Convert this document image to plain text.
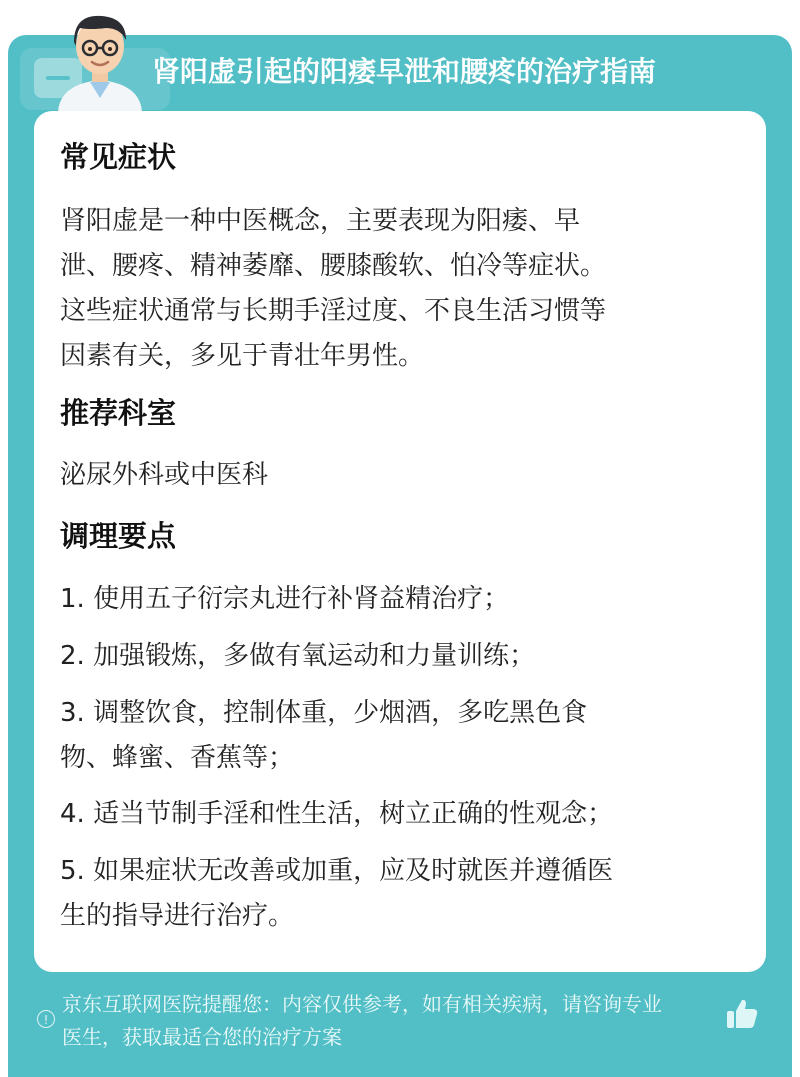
肾阳虚引起的阳痿早泄和腰疼的治疗指南
常见症状
肾阳虚是一种中医概念，主要表现为阳痿、早
泄、腰疼、精神萎靡、腰膝酸软、怕冷等症状。
这些症状通常与长期手淫过度、不良生活习惯等
因素有关，多见于青壮年男性。
推荐科室
泌尿外科或中医科
调理要点
1. 使用五子衍宗丸进行补肾益精治疗；
2. 加强锻炼，多做有氧运动和力量训练；
3. 调整饮食，控制体重，少烟酒，多吃黑色食
物、蜂蜜、香蕉等；
4. 适当节制手淫和性生活，树立正确的性观念；
5. 如果症状无改善或加重，应及时就医并遵循医
生的指导进行治疗。
!
京东互联网医院提醒您：内容仅供参考，如有相关疾病，请咨询专业
医生，获取最适合您的治疗方案
